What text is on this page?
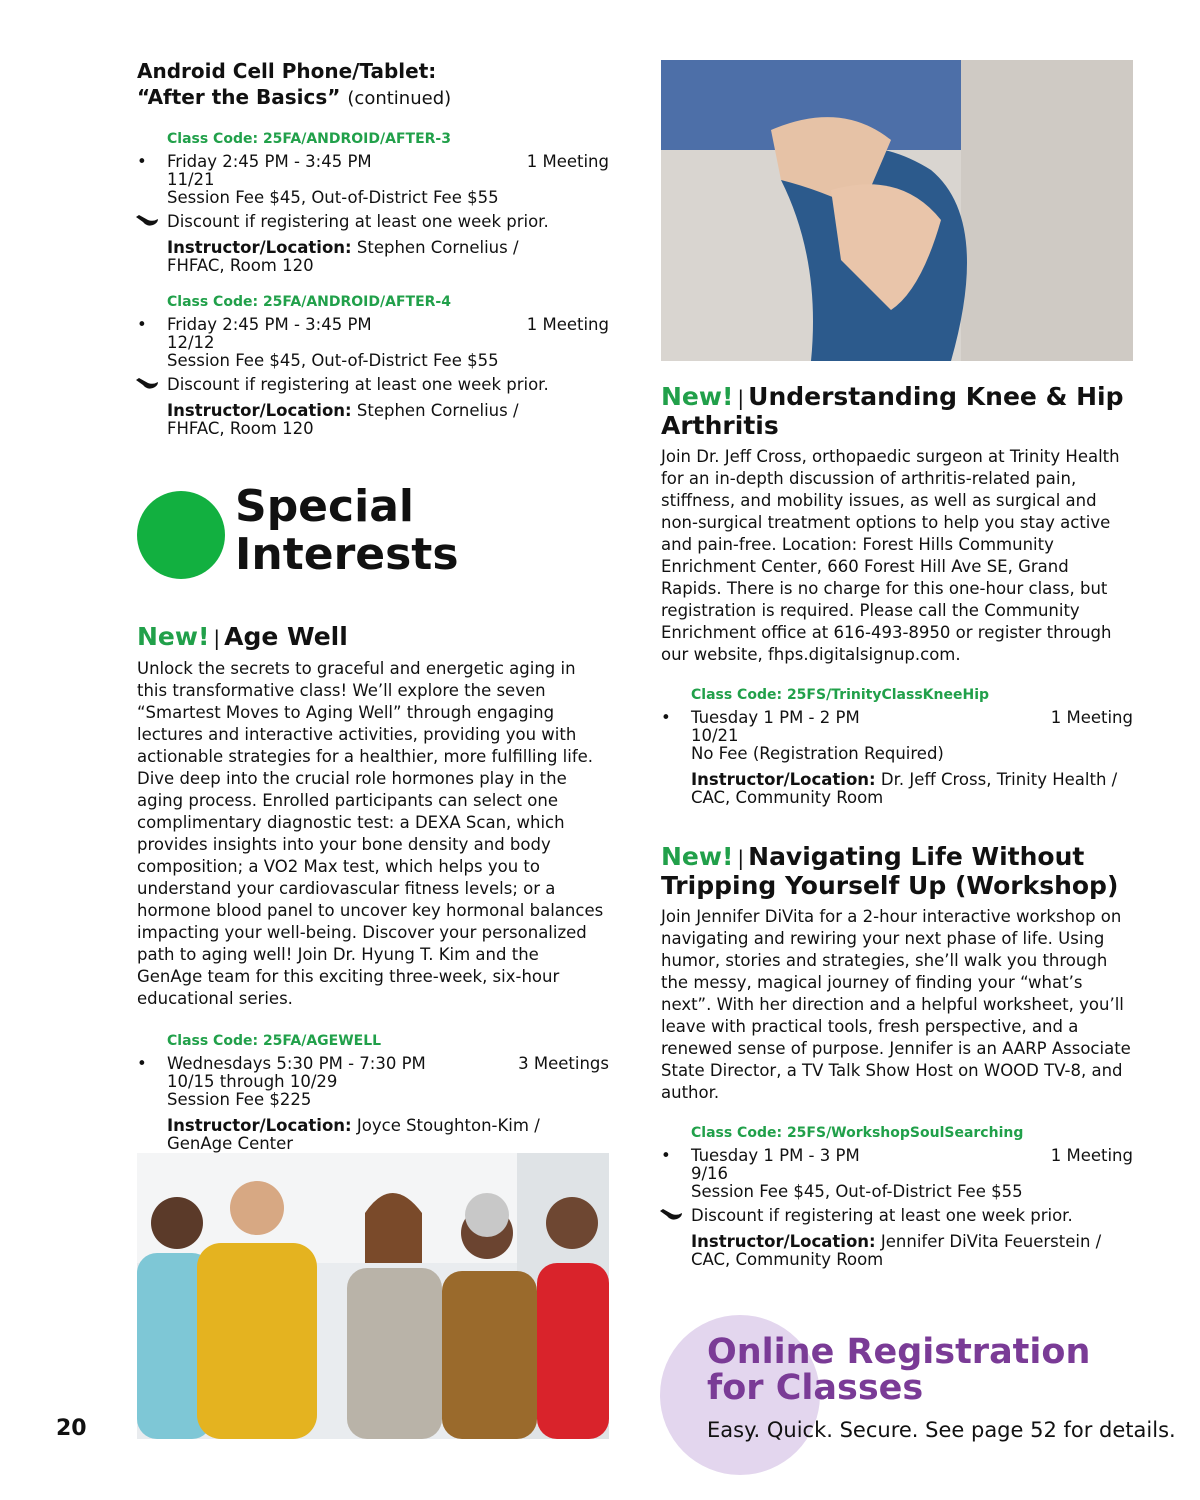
Android Cell Phone/Tablet:
“After the Basics” (continued)
Class Code: 25FA/ANDROID/AFTER-3
•	Friday 2:45 PM - 3:45 PM	1 Meeting
11/21
Session Fee $45, Out-of-District Fee $55
Discount if registering at least one week prior.
Instructor/Location: Stephen Cornelius /
FHFAC, Room 120
Class Code: 25FA/ANDROID/AFTER-4
•	Friday 2:45 PM - 3:45 PM	1 Meeting
12/12
Session Fee $45, Out-of-District Fee $55
Discount if registering at least one week prior.
Instructor/Location: Stephen Cornelius /
FHFAC, Room 120
Special
Interests
New! | Age Well
Unlock the secrets to graceful and energetic aging in this transformative class! We’ll explore the seven “Smartest Moves to Aging Well” through engaging lectures and interactive activities, providing you with actionable strategies for a healthier, more fulfilling life. Dive deep into the crucial role hormones play in the aging process. Enrolled participants can select one complimentary diagnostic test: a DEXA Scan, which provides insights into your bone density and body composition; a VO2 Max test, which helps you to understand your cardiovascular fitness levels; or a hormone blood panel to uncover key hormonal balances impacting your well-being. Discover your personalized path to aging well! Join Dr. Hyung T. Kim and the GenAge team for this exciting three-week, six-hour educational series.
Class Code: 25FA/AGEWELL
•	Wednesdays 5:30 PM - 7:30 PM	3 Meetings
10/15 through 10/29
Session Fee $225
Instructor/Location: Joyce Stoughton-Kim /
GenAge Center
New! | Understanding Knee & Hip
Arthritis
Join Dr. Jeff Cross, orthopaedic surgeon at Trinity Health for an in-depth discussion of arthritis-related pain, stiffness, and mobility issues, as well as surgical and non-surgical treatment options to help you stay active and pain-free. Location: Forest Hills Community Enrichment Center, 660 Forest Hill Ave SE, Grand Rapids. There is no charge for this one-hour class, but registration is required. Please call the Community Enrichment office at 616-493-8950 or register through our website, fhps.digitalsignup.com.
Class Code: 25FS/TrinityClassKneeHip
•	Tuesday 1 PM - 2 PM	1 Meeting
10/21
No Fee (Registration Required)
Instructor/Location: Dr. Jeff Cross, Trinity Health /
CAC, Community Room
New! | Navigating Life Without
Tripping Yourself Up (Workshop)
Join Jennifer DiVita for a 2-hour interactive workshop on navigating and rewiring your next phase of life. Using humor, stories and strategies, she’ll walk you through the messy, magical journey of finding your “what’s next”. With her direction and a helpful worksheet, you’ll leave with practical tools, fresh perspective, and a renewed sense of purpose. Jennifer is an AARP Associate State Director, a TV Talk Show Host on WOOD TV-8, and author.
Class Code: 25FS/WorkshopSoulSearching
•	Tuesday 1 PM - 3 PM	1 Meeting
9/16
Session Fee $45, Out-of-District Fee $55
Discount if registering at least one week prior.
Instructor/Location: Jennifer DiVita Feuerstein /
CAC, Community Room
Online Registration
for Classes
Easy. Quick. Secure. See page 52 for details.
20
